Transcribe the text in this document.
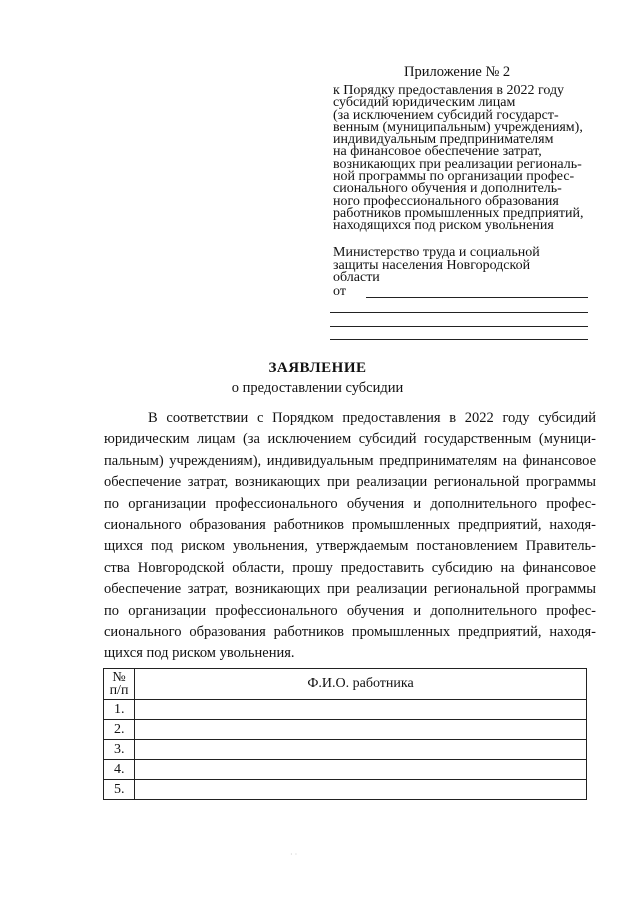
Приложение № 2
к Порядку предоставления в 2022 году
субсидий юридическим лицам
(за исключением субсидий государст-
венным (муниципальным) учреждениям),
индивидуальным предпринимателям
на финансовое обеспечение затрат,
возникающих при реализации региональ-
ной программы по организации профес-
сионального обучения и дополнитель-
ного профессионального образования
работников промышленных предприятий,
находящихся под риском увольнения
Министерство труда и социальной
защиты населения Новгородской
области
от
ЗАЯВЛЕНИЕ
о предоставлении субсидии
В соответствии с Порядком предоставления в 2022 году субсидий
юридическим лицам (за исключением субсидий государственным (муници-
пальным) учреждениям), индивидуальным предпринимателям на финансовое
обеспечение затрат, возникающих при реализации региональной программы
по организации профессионального обучения и дополнительного профес-
сионального образования работников промышленных предприятий, находя-
щихся под риском увольнения, утверждаемым постановлением Правитель-
ства Новгородской области, прошу предоставить субсидию на финансовое
обеспечение затрат, возникающих при реализации региональной программы
по организации профессионального обучения и дополнительного профес-
сионального образования работников промышленных предприятий, находя-
щихся под риском увольнения.
№
п/п	Ф.И.О. работника
1.	
2.	
3.	
4.	
5.	
· ·
